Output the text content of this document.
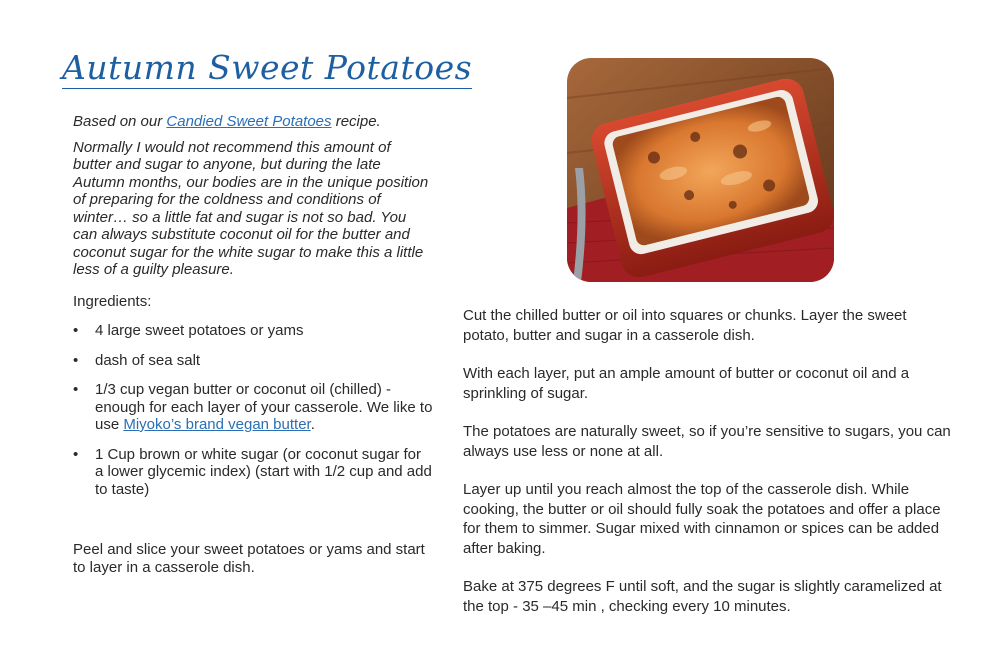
Autumn Sweet Potatoes

Based on our Candied Sweet Potatoes recipe.

Normally I would not recommend this amount of butter and sugar to anyone, but during the late Autumn months, our bodies are in the unique position of preparing for the coldness and conditions of winter… so a little fat and sugar is not so bad. You can always substitute coconut oil for the butter and coconut sugar for the white sugar to make this a little less of a guilty pleasure.

Ingredients:

• 4 large sweet potatoes or yams
• dash of sea salt
• 1/3 cup vegan butter or coconut oil (chilled) - enough for each layer of your casserole. We like to use Miyoko’s brand vegan butter.
• 1 Cup brown or white sugar (or coconut sugar for a lower glycemic index) (start with 1/2 cup and add to taste)

Peel and slice your sweet potatoes or yams and start to layer in a casserole dish.

Cut the chilled butter or oil into squares or chunks. Layer the sweet potato, butter and sugar in a casserole dish.

With each layer, put an ample amount of butter or coconut oil and a sprinkling of sugar.

The potatoes are naturally sweet, so if you’re sensitive to sugars, you can always use less or none at all.

Layer up until you reach almost the top of the casserole dish. While cooking, the butter or oil should fully soak the potatoes and offer a place for them to simmer. Sugar mixed with cinnamon or spices can be added after baking.

Bake at 375 degrees F until soft, and the sugar is slightly caramelized at the top - 35 –45 min , checking every 10 minutes.
